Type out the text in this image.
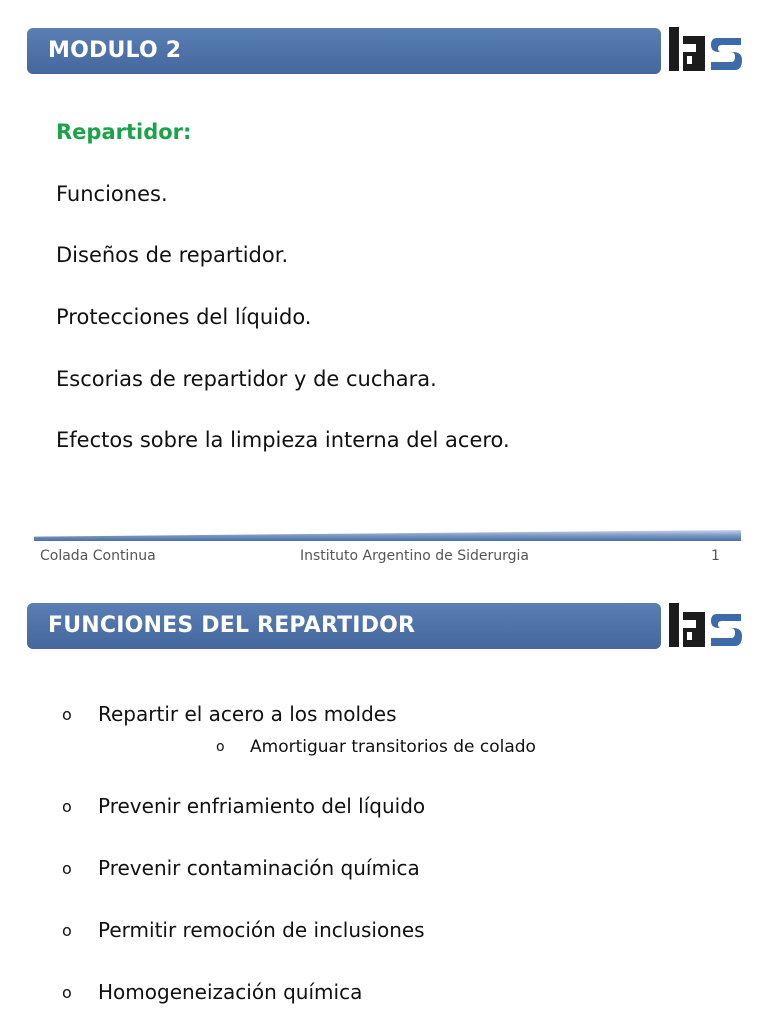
MODULO 2
Repartidor:
Funciones.
Diseños de repartidor.
Protecciones del líquido.
Escorias de repartidor y de cuchara.
Efectos sobre la limpieza interna del acero.
Colada Continua	Instituto Argentino de Siderurgia	1
FUNCIONES DEL REPARTIDOR
o Repartir el acero a los moldes
o Amortiguar transitorios de colado
o Prevenir enfriamiento del líquido
o Prevenir contaminación química
o Permitir remoción de inclusiones
o Homogeneización química
